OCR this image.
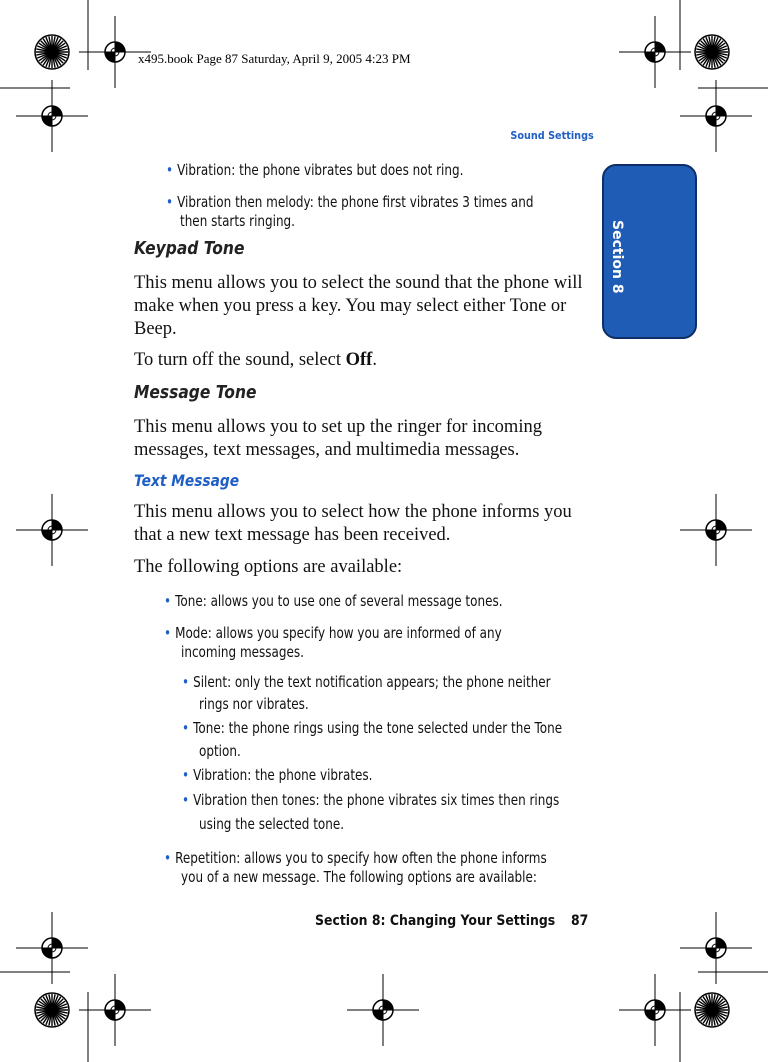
x495.book Page 87 Saturday, April 9, 2005 4:23 PM
Sound Settings
Section 8
• Vibration: the phone vibrates but does not ring.
• Vibration then melody: the phone first vibrates 3 times and
then starts ringing.
Keypad Tone
This menu allows you to select the sound that the phone will make when you press a key. You may select either Tone or Beep.
To turn off the sound, select Off.
Message Tone
This menu allows you to set up the ringer for incoming messages, text messages, and multimedia messages.
Text Message
This menu allows you to select how the phone informs you that a new text message has been received.
The following options are available:
• Tone: allows you to use one of several message tones.
• Mode: allows you specify how you are informed of any
incoming messages.
• Silent: only the text notification appears; the phone neither
rings nor vibrates.
• Tone: the phone rings using the tone selected under the Tone
option.
• Vibration: the phone vibrates.
• Vibration then tones: the phone vibrates six times then rings
using the selected tone.
• Repetition: allows you to specify how often the phone informs
you of a new message. The following options are available:
Section 8: Changing Your Settings 87
